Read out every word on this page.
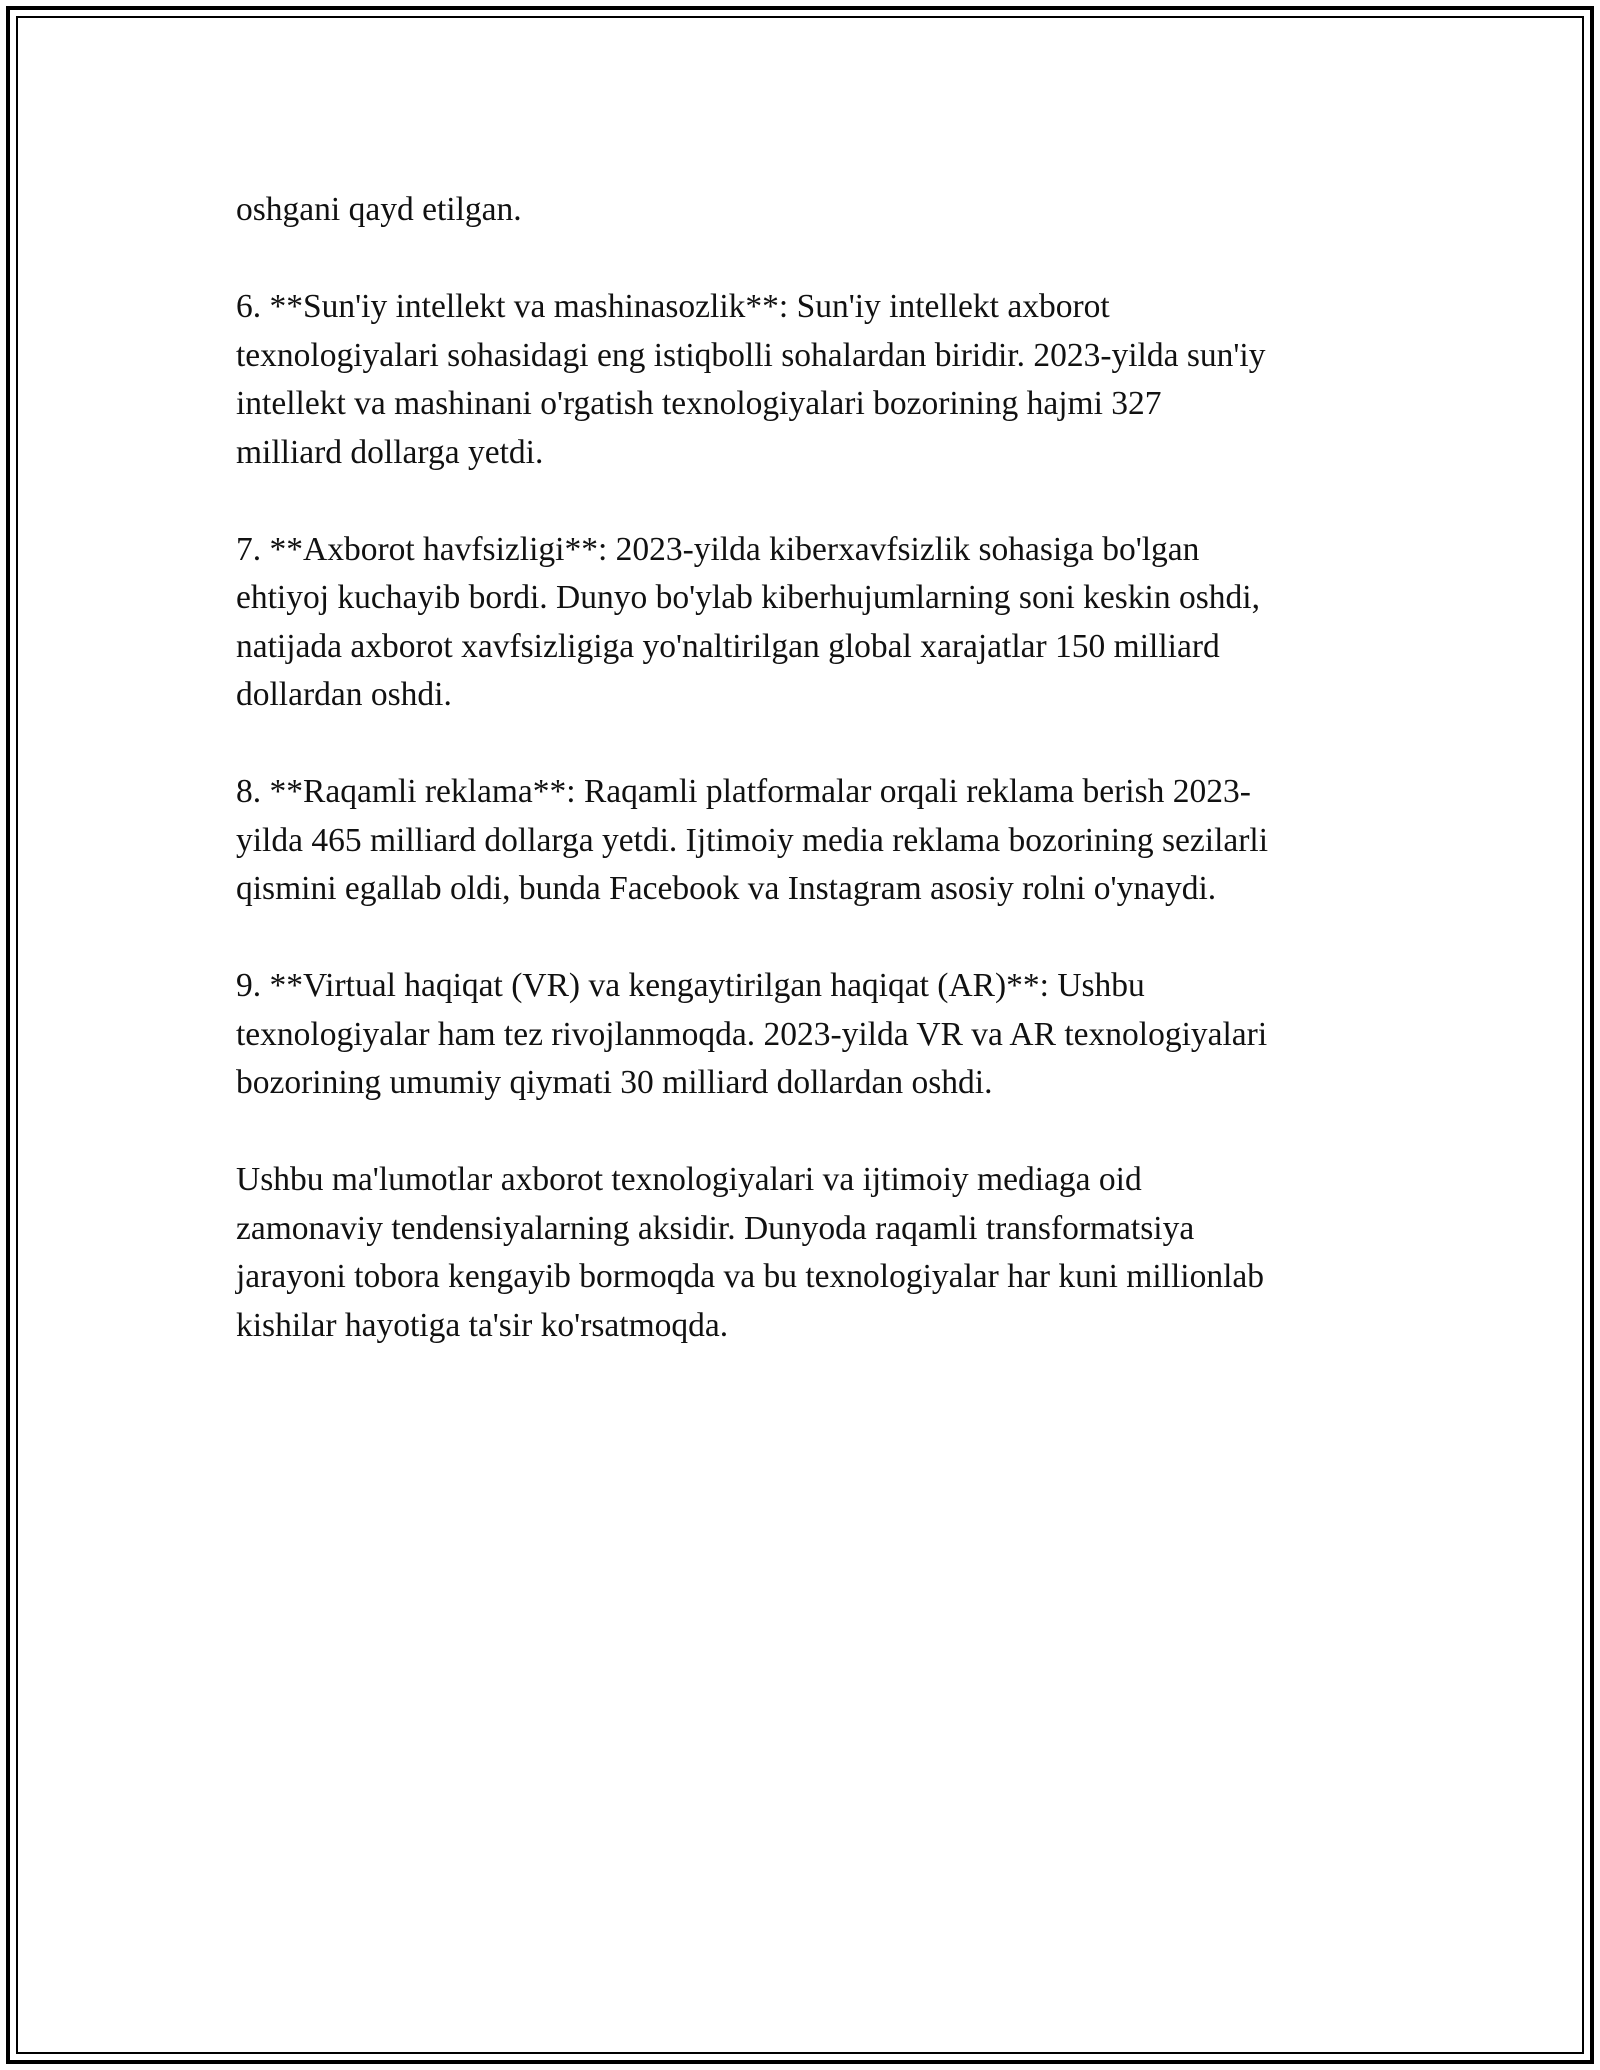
oshgani qayd etilgan.

6. **Sun'iy intellekt va mashinasozlik**: Sun'iy intellekt axborot
texnologiyalari sohasidagi eng istiqbolli sohalardan biridir. 2023-yilda sun'iy
intellekt va mashinani o'rgatish texnologiyalari bozorining hajmi 327
milliard dollarga yetdi.

7. **Axborot havfsizligi**: 2023-yilda kiberxavfsizlik sohasiga bo'lgan
ehtiyoj kuchayib bordi. Dunyo bo'ylab kiberhujumlarning soni keskin oshdi,
natijada axborot xavfsizligiga yo'naltirilgan global xarajatlar 150 milliard
dollardan oshdi.

8. **Raqamli reklama**: Raqamli platformalar orqali reklama berish 2023-
yilda 465 milliard dollarga yetdi. Ijtimoiy media reklama bozorining sezilarli
qismini egallab oldi, bunda Facebook va Instagram asosiy rolni o'ynaydi.

9. **Virtual haqiqat (VR) va kengaytirilgan haqiqat (AR)**: Ushbu
texnologiyalar ham tez rivojlanmoqda. 2023-yilda VR va AR texnologiyalari
bozorining umumiy qiymati 30 milliard dollardan oshdi.

Ushbu ma'lumotlar axborot texnologiyalari va ijtimoiy mediaga oid
zamonaviy tendensiyalarning aksidir. Dunyoda raqamli transformatsiya
jarayoni tobora kengayib bormoqda va bu texnologiyalar har kuni millionlab
kishilar hayotiga ta'sir ko'rsatmoqda.
